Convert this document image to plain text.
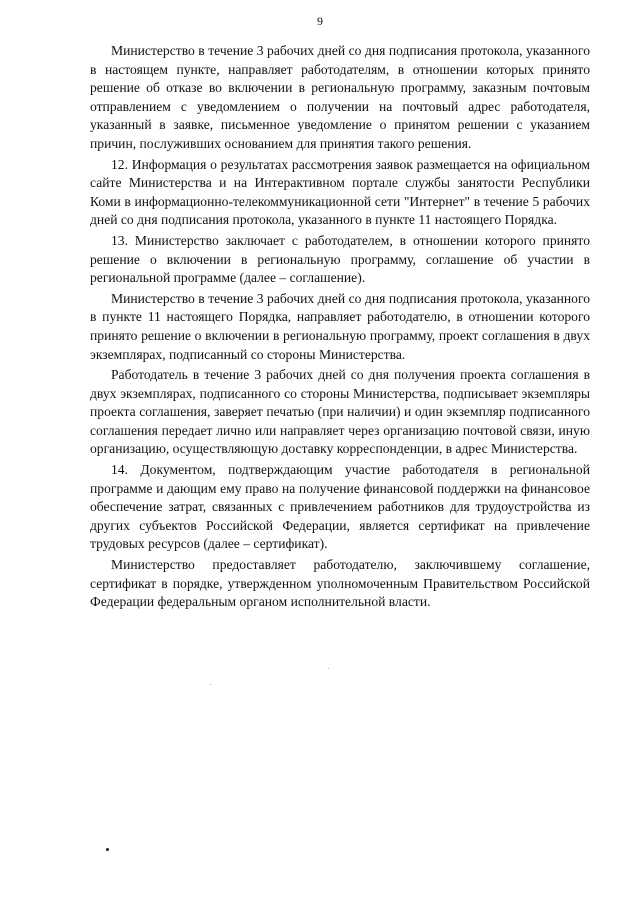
9

Министерство в течение 3 рабочих дней со дня подписания протокола, указанного в настоящем пункте, направляет работодателям, в отношении которых принято решение об отказе во включении в региональную программу, заказным почтовым отправлением с уведомлением о получении на почтовый адрес работодателя, указанный в заявке, письменное уведомление о принятом решении с указанием причин, послуживших основанием для принятия такого решения.

12. Информация о результатах рассмотрения заявок размещается на официальном сайте Министерства и на Интерактивном портале службы занятости Республики Коми в информационно-телекоммуникационной сети "Интернет" в течение 5 рабочих дней со дня подписания протокола, указанного в пункте 11 настоящего Порядка.

13. Министерство заключает с работодателем, в отношении которого принято решение о включении в региональную программу, соглашение об участии в региональной программе (далее – соглашение).

Министерство в течение 3 рабочих дней со дня подписания протокола, указанного в пункте 11 настоящего Порядка, направляет работодателю, в отношении которого принято решение о включении в региональную программу, проект соглашения в двух экземплярах, подписанный со стороны Министерства.

Работодатель в течение 3 рабочих дней со дня получения проекта соглашения в двух экземплярах, подписанного со стороны Министерства, подписывает экземпляры проекта соглашения, заверяет печатью (при наличии) и один экземпляр подписанного соглашения передает лично или направляет через организацию почтовой связи, иную организацию, осуществляющую доставку корреспонденции, в адрес Министерства.

14. Документом, подтверждающим участие работодателя в региональной программе и дающим ему право на получение финансовой поддержки на финансовое обеспечение затрат, связанных с привлечением работников для трудоустройства из других субъектов Российской Федерации, является сертификат на привлечение трудовых ресурсов (далее – сертификат).

Министерство предоставляет работодателю, заключившему соглашение, сертификат в порядке, утвержденном уполномоченным Правительством Российской Федерации федеральным органом исполнительной власти.
